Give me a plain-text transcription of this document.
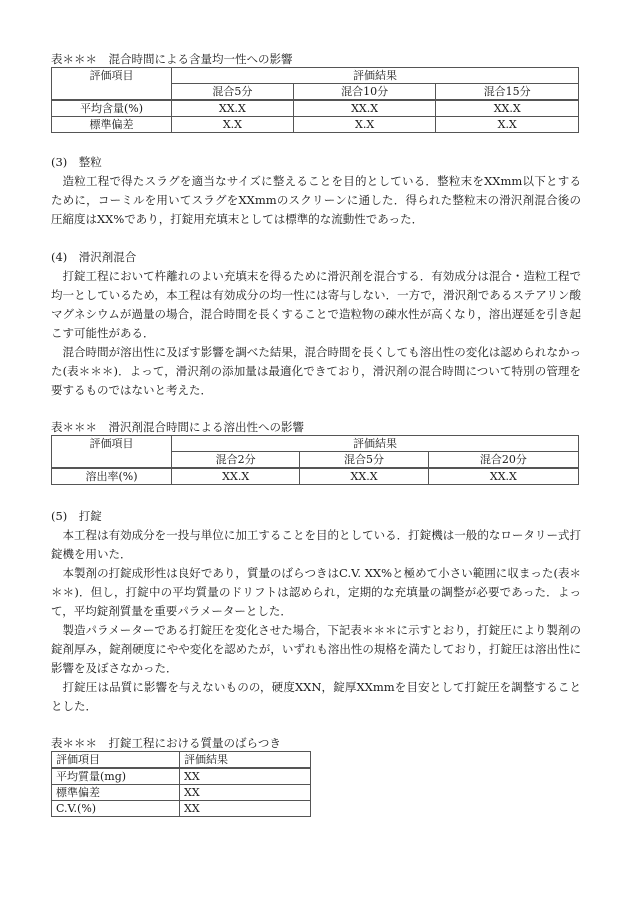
表＊＊＊　混合時間による含量均一性への影響

評価項目	評価結果		
	混合5分	混合10分	混合15分
平均含量(%)	XX.X	XX.X	XX.X
標準偏差	X.X	X.X	X.X

(3)　整粒

造粒工程で得たスラグを適当なサイズに整えることを目的としている．整粒末をXXmm以下とするために，コーミルを用いてスラグをXXmmのスクリーンに通した．得られた整粒末の滑沢剤混合後の圧縮度はXX%であり，打錠用充填末としては標準的な流動性であった．

(4)　滑沢剤混合

打錠工程において杵離れのよい充填末を得るために滑沢剤を混合する．有効成分は混合・造粒工程で均一としているため，本工程は有効成分の均一性には寄与しない．一方で，滑沢剤であるステアリン酸マグネシウムが過量の場合，混合時間を長くすることで造粒物の疎水性が高くなり，溶出遅延を引き起こす可能性がある．

混合時間が溶出性に及ぼす影響を調べた結果，混合時間を長くしても溶出性の変化は認められなかった(表＊＊＊)．よって，滑沢剤の添加量は最適化できており，滑沢剤の混合時間について特別の管理を要するものではないと考えた．

表＊＊＊　滑沢剤混合時間による溶出性への影響

評価項目	評価結果		
	混合2分	混合5分	混合20分
溶出率(%)	XX.X	XX.X	XX.X

(5)　打錠

本工程は有効成分を一投与単位に加工することを目的としている．打錠機は一般的なロータリー式打錠機を用いた．

本製剤の打錠成形性は良好であり，質量のばらつきはC.V. XX%と極めて小さい範囲に収まった(表＊＊＊)．但し，打錠中の平均質量のドリフトは認められ，定期的な充填量の調整が必要であった．よって，平均錠剤質量を重要パラメーターとした．

製造パラメーターである打錠圧を変化させた場合，下記表＊＊＊に示すとおり，打錠圧により製剤の錠剤厚み，錠剤硬度にやや変化を認めたが，いずれも溶出性の規格を満たしており，打錠圧は溶出性に影響を及ぼさなかった．

打錠圧は品質に影響を与えないものの，硬度XXN，錠厚XXmmを目安として打錠圧を調整することとした．

表＊＊＊　打錠工程における質量のばらつき

評価項目	評価結果
平均質量(mg)	XX
標準偏差	XX
C.V.(%)	XX
